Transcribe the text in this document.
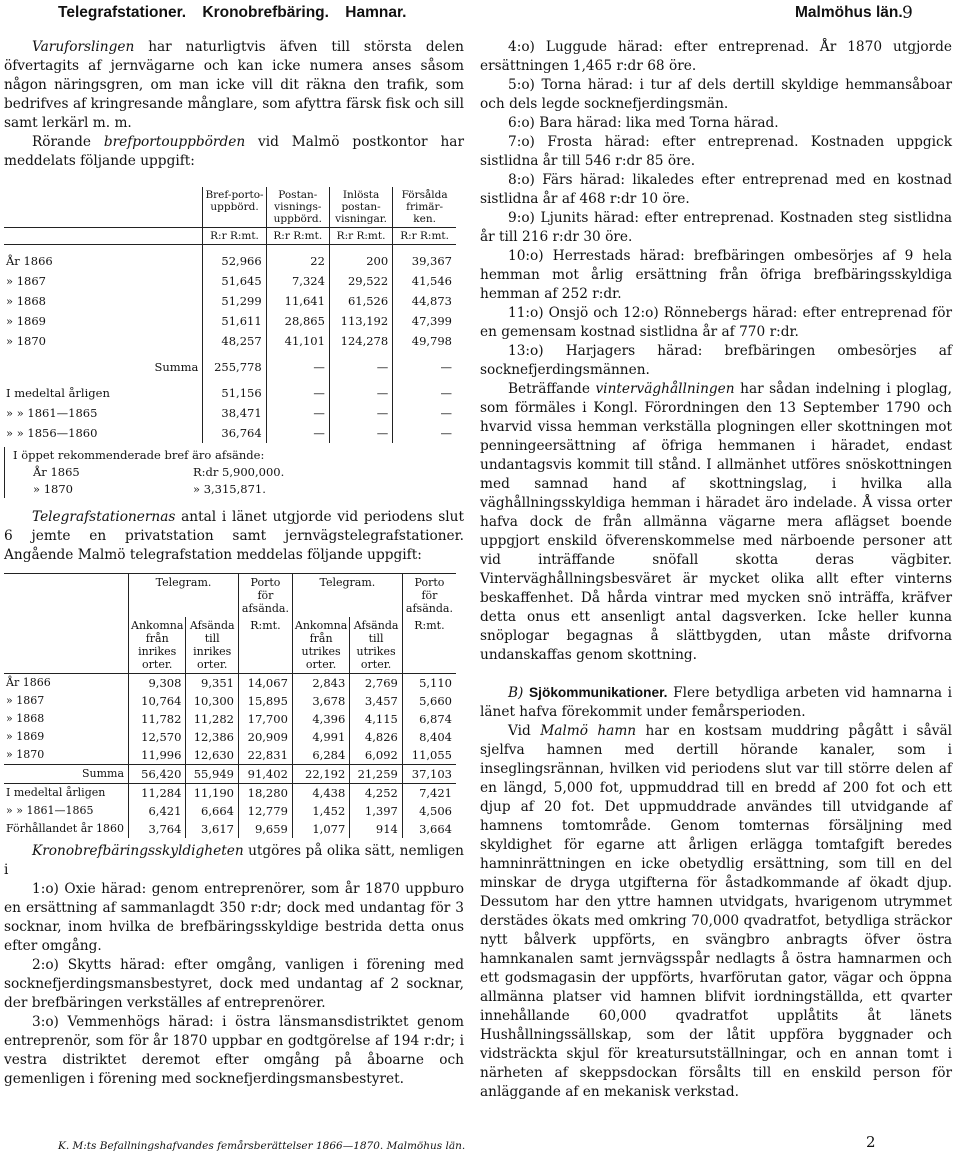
Telegrafstationer. Kronobrefbäring. Hamnar.	Malmöhus län. 9

Varuforslingen har naturligtvis äfven till största delen öfvertagits af jernvägarne och kan icke numera anses såsom någon näringsgren, om man icke vill dit räkna den trafik, som bedrifves af kringresande månglare, som afyttra färsk fisk och sill samt lerkärl m. m.

Rörande brefportouppbörden vid Malmö postkontor har meddelats följande uppgift:

	Bref-porto-uppbörd.	Postan-visnings-uppbörd.	Inlösta postan-visningar.	Försålda frimär-ken.
	R:r R:mt.	R:r R:mt.	R:r R:mt.	R:r R:mt.
År 1866	52,966	22	200	39,367
» 1867	51,645	7,324	29,522	41,546
» 1868	51,299	11,641	61,526	44,873
» 1869	51,611	28,865	113,192	47,399
» 1870	48,257	41,101	124,278	49,798
Summa	255,778	—	—	—
I medeltal årligen	51,156	—	—	—
» » 1861—1865	38,471	—	—	—
» » 1856—1860	36,764	—	—	—
I öppet rekommenderade bref äro afsände:
År 1865	R:dr 5,900,000.
» 1870	» 3,315,871.

Telegrafstationernas antal i länet utgjorde vid periodens slut 6 jemte en privatstation samt jernvägstelegrafstationer. Angående Malmö telegrafstation meddelas följande uppgift:

	Telegram.		Porto för afsända.	Telegram.		Porto för afsända.
	Ankomna från inrikes orter.	Afsända till inrikes orter.	R:mt.	Ankomna från utrikes orter.	Afsända till utrikes orter.	R:mt.
År 1866	9,308	9,351	14,067	2,843	2,769	5,110
» 1867	10,764	10,300	15,895	3,678	3,457	5,660
» 1868	11,782	11,282	17,700	4,396	4,115	6,874
» 1869	12,570	12,386	20,909	4,991	4,826	8,404
» 1870	11,996	12,630	22,831	6,284	6,092	11,055
Summa	56,420	55,949	91,402	22,192	21,259	37,103
I medeltal årligen	11,284	11,190	18,280	4,438	4,252	7,421
» » 1861—1865	6,421	6,664	12,779	1,452	1,397	4,506
Förhållandet år 1860	3,764	3,617	9,659	1,077	914	3,664

Kronobrefbäringsskyldigheten utgöres på olika sätt, nemligen i

1:o) Oxie härad: genom entreprenörer, som år 1870 uppburo en ersättning af sammanlagdt 350 r:dr; dock med undantag för 3 socknar, inom hvilka de brefbäringsskyldige bestrida detta onus efter omgång.

2:o) Skytts härad: efter omgång, vanligen i förening med socknefjerdingsmansbestyret, dock med undantag af 2 socknar, der brefbäringen verkställes af entreprenörer.

3:o) Vemmenhögs härad: i östra länsmansdistriktet genom entreprenör, som för år 1870 uppbar en godtgörelse af 194 r:dr; i vestra distriktet deremot efter omgång på åboarne och gemenligen i förening med socknefjerdingsmansbestyret.

4:o) Luggude härad: efter entreprenad. År 1870 utgjorde ersättningen 1,465 r:dr 68 öre.

5:o) Torna härad: i tur af dels dertill skyldige hemmansåboar och dels legde socknefjerdingsmän.

6:o) Bara härad: lika med Torna härad.

7:o) Frosta härad: efter entreprenad. Kostnaden uppgick sistlidna år till 546 r:dr 85 öre.

8:o) Färs härad: likaledes efter entreprenad med en kostnad sistlidna år af 468 r:dr 10 öre.

9:o) Ljunits härad: efter entreprenad. Kostnaden steg sistlidna år till 216 r:dr 30 öre.

10:o) Herrestads härad: brefbäringen ombesörjes af 9 hela hemman mot årlig ersättning från öfriga brefbäringsskyldiga hemman af 252 r:dr.

11:o) Onsjö och 12:o) Rönnebergs härad: efter entreprenad för en gemensam kostnad sistlidna år af 770 r:dr.

13:o) Harjagers härad: brefbäringen ombesörjes af socknefjerdingsmännen.

Beträffande vinterväghållningen har sådan indelning i ploglag, som förmäles i Kongl. Förordningen den 13 September 1790 och hvarvid vissa hemman verkställa plogningen eller skottningen mot penningeersättning af öfriga hemmanen i häradet, endast undantagsvis kommit till stånd. I allmänhet utföres snöskottningen med samnad hand af skottningslag, i hvilka alla väghållningsskyldiga hemman i häradet äro indelade. Å vissa orter hafva dock de från allmänna vägarne mera aflägset boende uppgjort enskild öfverenskommelse med närboende personer att vid inträffande snöfall skotta deras vägbiter. Vinterväghållningsbesväret är mycket olika allt efter vinterns beskaffenhet. Då hårda vintrar med mycken snö inträffa, kräfver detta onus ett ansenligt antal dagsverken. Icke heller kunna snöplogar begagnas å slättbygden, utan måste drifvorna undanskaffas genom skottning.

B) Sjökommunikationer. Flere betydliga arbeten vid hamnarna i länet hafva förekommit under femårsperioden.

Vid Malmö hamn har en kostsam muddring pågått i såväl sjelfva hamnen med dertill hörande kanaler, som i inseglingsrännan, hvilken vid periodens slut var till större delen af en längd, 5,000 fot, uppmuddrad till en bredd af 200 fot och ett djup af 20 fot. Det uppmuddrade användes till utvidgande af hamnens tomtområde. Genom tomternas försäljning med skyldighet för egarne att årligen erlägga tomtafgift beredes hamninrättningen en icke obetydlig ersättning, som till en del minskar de dryga utgifterna för åstadkommande af ökadt djup. Dessutom har den yttre hamnen utvidgats, hvarigenom utrymmet derstädes ökats med omkring 70,000 qvadratfot, betydliga sträckor nytt bålverk uppförts, en svängbro anbragts öfver östra hamnkanalen samt jernvägsspår nedlagts å östra hamnarmen och ett godsmagasin der uppförts, hvarförutan gator, vägar och öppna allmänna platser vid hamnen blifvit iordningställda, ett qvarter innehållande 60,000 qvadratfot upplåtits åt länets Hushållningssällskap, som der låtit uppföra byggnader och vidsträckta skjul för kreatursutställningar, och en annan tomt i närheten af skeppsdockan försålts till en enskild person för anläggande af en mekanisk verkstad.

K. M:ts Befallningshafvandes femårsberättelser 1866—1870. Malmöhus län.	2
